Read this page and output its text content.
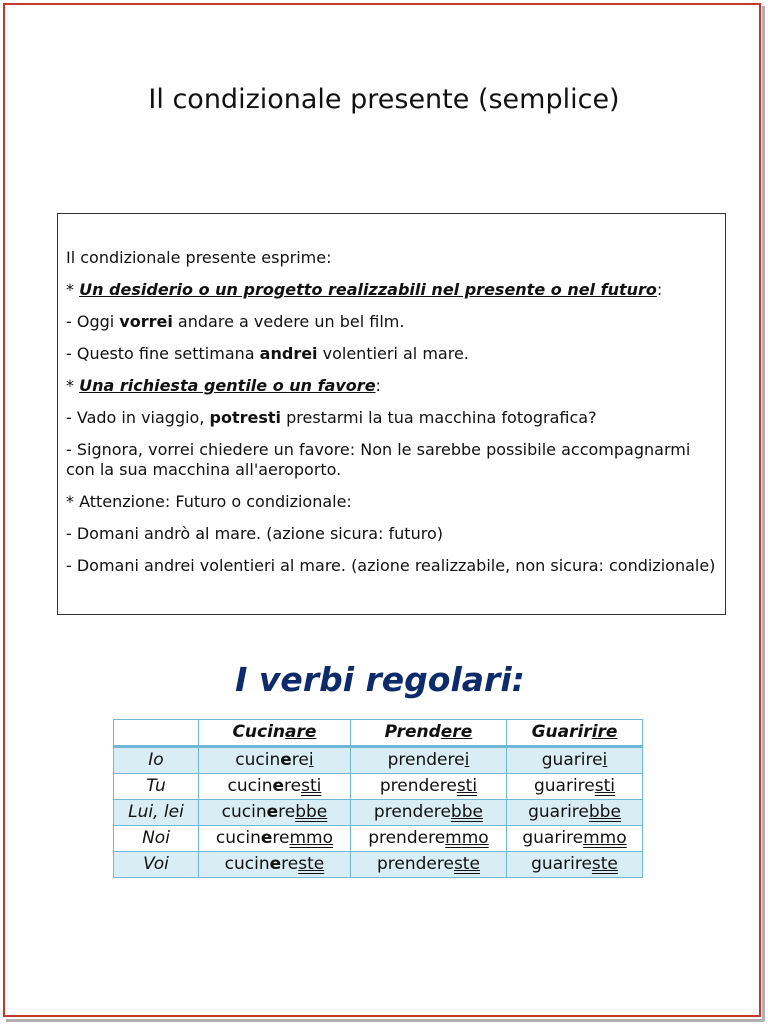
Il condizionale presente (semplice)

Il condizionale presente esprime:

* Un desiderio o un progetto realizzabili nel presente o nel futuro:

- Oggi vorrei andare a vedere un bel film.

- Questo fine settimana andrei volentieri al mare.

* Una richiesta gentile o un favore:

- Vado in viaggio, potresti prestarmi la tua macchina fotografica?

- Signora, vorrei chiedere un favore: Non le sarebbe possibile accompagnarmi con la sua macchina all'aeroporto.

* Attenzione: Futuro o condizionale:

- Domani andrò al mare. (azione sicura: futuro)

- Domani andrei volentieri al mare. (azione realizzabile, non sicura: condizionale)

I verbi regolari:
	Cucinare	Prendere	Guaririre
Io	cucinerei	prenderei	guarirei
Tu	cucineresti	prenderesti	guariresti
Lui, lei	cucinerebbe	prenderebbe	guarirebbe
Noi	cucineremmo	prenderemmo	guariremmo
Voi	cucinereste	prendereste	guarireste
